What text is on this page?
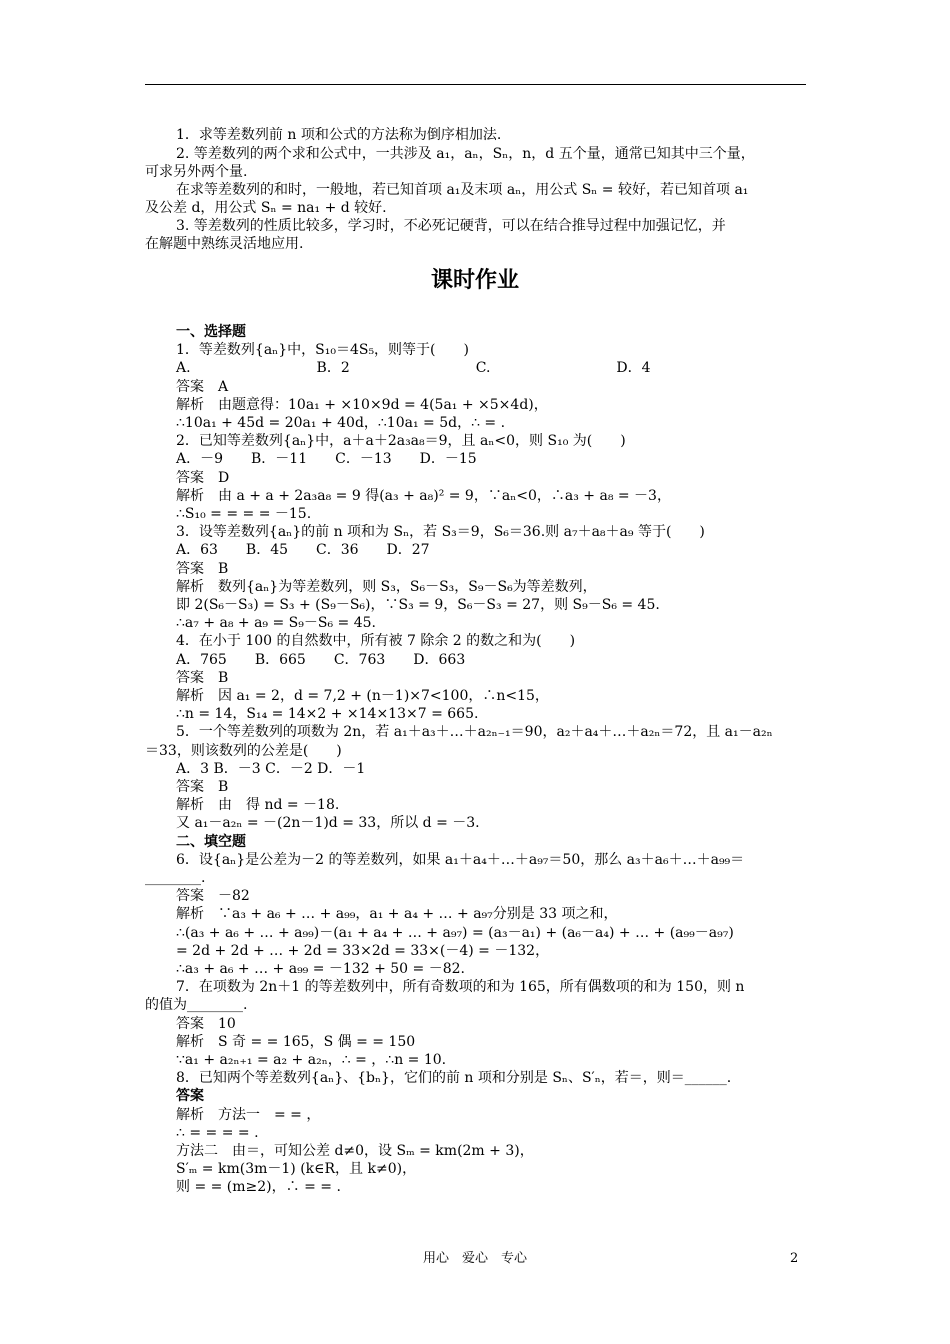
1．求等差数列前 n 项和公式的方法称为倒序相加法.
2. 等差数列的两个求和公式中，一共涉及 a₁，aₙ，Sₙ，n，d 五个量，通常已知其中三个量，
可求另外两个量.
在求等差数列的和时，一般地，若已知首项 a₁及末项 aₙ，用公式 Sₙ = 较好，若已知首项 a₁
及公差 d，用公式 Sₙ = na₁ + d 较好.
3. 等差数列的性质比较多，学习时，不必死记硬背，可以在结合推导过程中加强记忆，并
在解题中熟练灵活地应用.
课时作业
一、选择题
1．等差数列{aₙ}中，S₁₀＝4S₅，则等于(　　)
A.　　　　　　　　　B．2　　　　　　　　　C.　　　　　　　　　D．4
答案　A
解析　由题意得：10a₁ + ×10×9d = 4(5a₁ + ×5×4d)，
∴10a₁ + 45d = 20a₁ + 40d，∴10a₁ = 5d，∴ = .
2．已知等差数列{aₙ}中，a＋a＋2a₃a₈＝9，且 aₙ<0，则 S₁₀ 为(　　)
A．－9　　B．－11　　C．－13　　D．－15
答案　D
解析　由 a + a + 2a₃a₈ = 9 得(a₃ + a₈)² = 9，∵aₙ<0，∴a₃ + a₈ = －3，
∴S₁₀ = = = = －15.
3．设等差数列{aₙ}的前 n 项和为 Sₙ，若 S₃＝9，S₆＝36.则 a₇＋a₈＋a₉ 等于(　　)
A．63　　B．45　　C．36　　D．27
答案　B
解析　数列{aₙ}为等差数列，则 S₃，S₆－S₃，S₉－S₆为等差数列，
即 2(S₆－S₃) = S₃ + (S₉－S₆)，∵S₃ = 9，S₆－S₃ = 27，则 S₉－S₆ = 45.
∴a₇ + a₈ + a₉ = S₉－S₆ = 45.
4．在小于 100 的自然数中，所有被 7 除余 2 的数之和为(　　)
A．765　　B．665　　C．763　　D．663
答案　B
解析　因 a₁ = 2，d = 7,2 + (n－1)×7<100，∴n<15，
∴n = 14，S₁₄ = 14×2 + ×14×13×7 = 665.
5．一个等差数列的项数为 2n，若 a₁＋a₃＋…＋a₂ₙ₋₁＝90，a₂＋a₄＋…＋a₂ₙ＝72，且 a₁－a₂ₙ
＝33，则该数列的公差是(　　)
A．3 B．－3 C．－2 D．－1
答案　B
解析　由　得 nd = －18.
又 a₁－a₂ₙ = －(2n－1)d = 33，所以 d = －3.
二、填空题
6．设{aₙ}是公差为－2 的等差数列，如果 a₁＋a₄＋…＋a₉₇＝50，那么 a₃＋a₆＋…＋a₉₉＝
________.
答案　－82
解析　∵a₃ + a₆ + … + a₉₉，a₁ + a₄ + … + a₉₇分别是 33 项之和，
∴(a₃ + a₆ + … + a₉₉)－(a₁ + a₄ + … + a₉₇) = (a₃－a₁) + (a₆－a₄) + … + (a₉₉－a₉₇)
= 2d + 2d + … + 2d = 33×2d = 33×(－4) = －132，
∴a₃ + a₆ + … + a₉₉ = －132 + 50 = －82.
7．在项数为 2n＋1 的等差数列中，所有奇数项的和为 165，所有偶数项的和为 150，则 n
的值为________.
答案　10
解析　S 奇 = = 165，S 偶 = = 150
∵a₁ + a₂ₙ₊₁ = a₂ + a₂ₙ，∴ = ，∴n = 10.
8．已知两个等差数列{aₙ}、{bₙ}，它们的前 n 项和分别是 Sₙ、S′ₙ，若＝，则＝______.
答案
解析　方法一　= = ，
∴ = = = = .
方法二　由＝，可知公差 d≠0，设 Sₘ = km(2m + 3)，
S′ₘ = km(3m－1) (k∈R，且 k≠0)，
则 = = (m≥2)，∴ = = .
用心　爱心　专心	2
